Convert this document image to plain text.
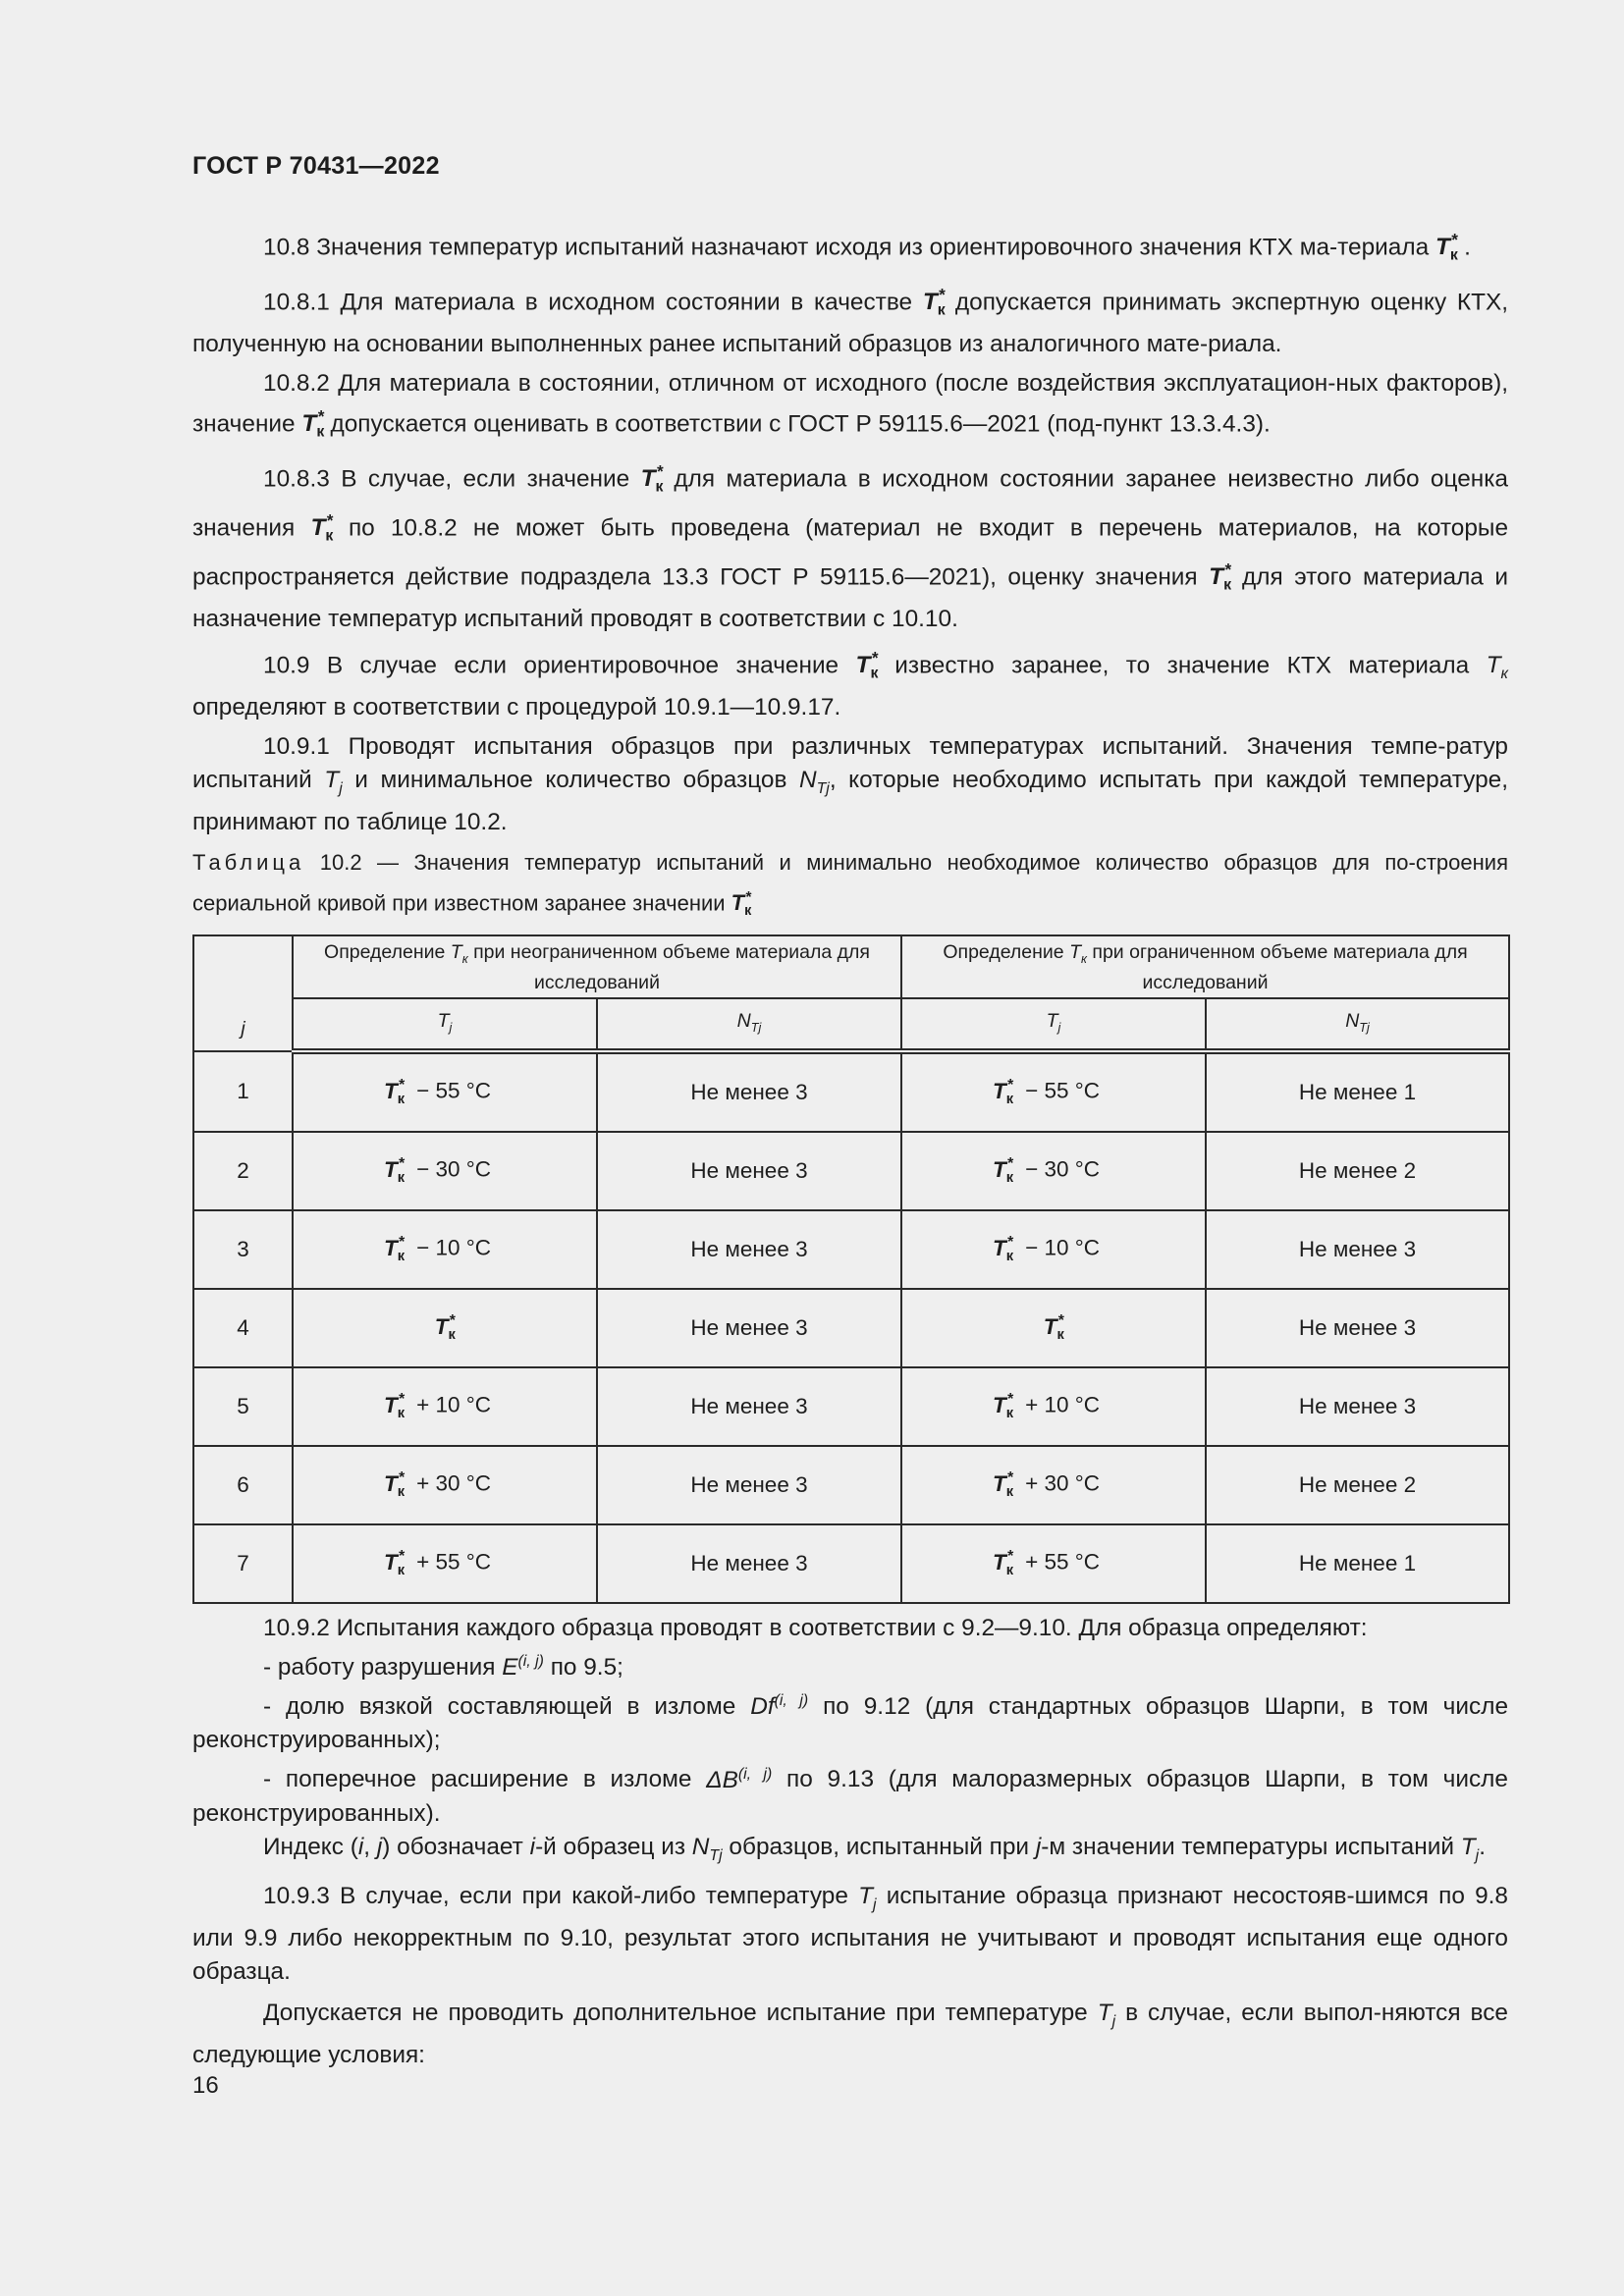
ГОСТ Р 70431—2022

10.8 Значения температур испытаний назначают исходя из ориентировочного значения КТХ ма-териала $T_к^*$ .

10.8.1 Для материала в исходном состоянии в качестве $T_к^*$ допускается принимать экспертную оценку КТХ, полученную на основании выполненных ранее испытаний образцов из аналогичного мате-риала.

10.8.2 Для материала в состоянии, отличном от исходного (после воздействия эксплуатацион-ных факторов), значение $T_к^*$ допускается оценивать в соответствии с ГОСТ Р 59115.6—2021 (под-пункт 13.3.4.3).

10.8.3 В случае, если значение $T_к^*$ для материала в исходном состоянии заранее неизвестно либо оценка значения $T_к^*$ по 10.8.2 не может быть проведена (материал не входит в перечень материалов, на которые распространяется действие подраздела 13.3 ГОСТ Р 59115.6—2021), оценку значения $T_к^*$ для этого материала и назначение температур испытаний проводят в соответствии с 10.10.

10.9 В случае если ориентировочное значение $T_к^*$ известно заранее, то значение КТХ материала $T_к$ определяют в соответствии с процедурой 10.9.1—10.9.17.

10.9.1 Проводят испытания образцов при различных температурах испытаний. Значения темпе-ратур испытаний $T_j$ и минимальное количество образцов $N_{Tj}$, которые необходимо испытать при каждой температуре, принимают по таблице 10.2.

Таблица 10.2 — Значения температур испытаний и минимально необходимое количество образцов для по-строения сериальной кривой при известном заранее значении $T_к^*$

j	Определение $T_к$ при неограниченном объеме материала для исследований		Определение $T_к$ при ограниченном объеме материала для исследований	
	$T_j$	$N_{Tj}$	$T_j$	$N_{Tj}$
1	$T_к^* - 55$ °C	Не менее 3	$T_к^* - 55$ °C	Не менее 1
2	$T_к^* - 30$ °C	Не менее 3	$T_к^* - 30$ °C	Не менее 2
3	$T_к^* - 10$ °C	Не менее 3	$T_к^* - 10$ °C	Не менее 3
4	$T_к^*$	Не менее 3	$T_к^*$	Не менее 3
5	$T_к^* + 10$ °C	Не менее 3	$T_к^* + 10$ °C	Не менее 3
6	$T_к^* + 30$ °C	Не менее 3	$T_к^* + 30$ °C	Не менее 2
7	$T_к^* + 55$ °C	Не менее 3	$T_к^* + 55$ °C	Не менее 1

10.9.2 Испытания каждого образца проводят в соответствии с 9.2—9.10. Для образца определяют:

- работу разрушения E$^{(i, j)}$ по 9.5;

- долю вязкой составляющей в изломе Df$^{(i, j)}$ по 9.12 (для стандартных образцов Шарпи, в том числе реконструированных);

- поперечное расширение в изломе ΔB$^{(i, j)}$ по 9.13 (для малоразмерных образцов Шарпи, в том числе реконструированных).

Индекс (i, j) обозначает i-й образец из $N_{Tj}$ образцов, испытанный при j-м значении температуры испытаний $T_j$.

10.9.3 В случае, если при какой-либо температуре $T_j$ испытание образца признают несостояв-шимся по 9.8 или 9.9 либо некорректным по 9.10, результат этого испытания не учитывают и проводят испытания еще одного образца.

Допускается не проводить дополнительное испытание при температуре $T_j$ в случае, если выпол-няются все следующие условия:

16
